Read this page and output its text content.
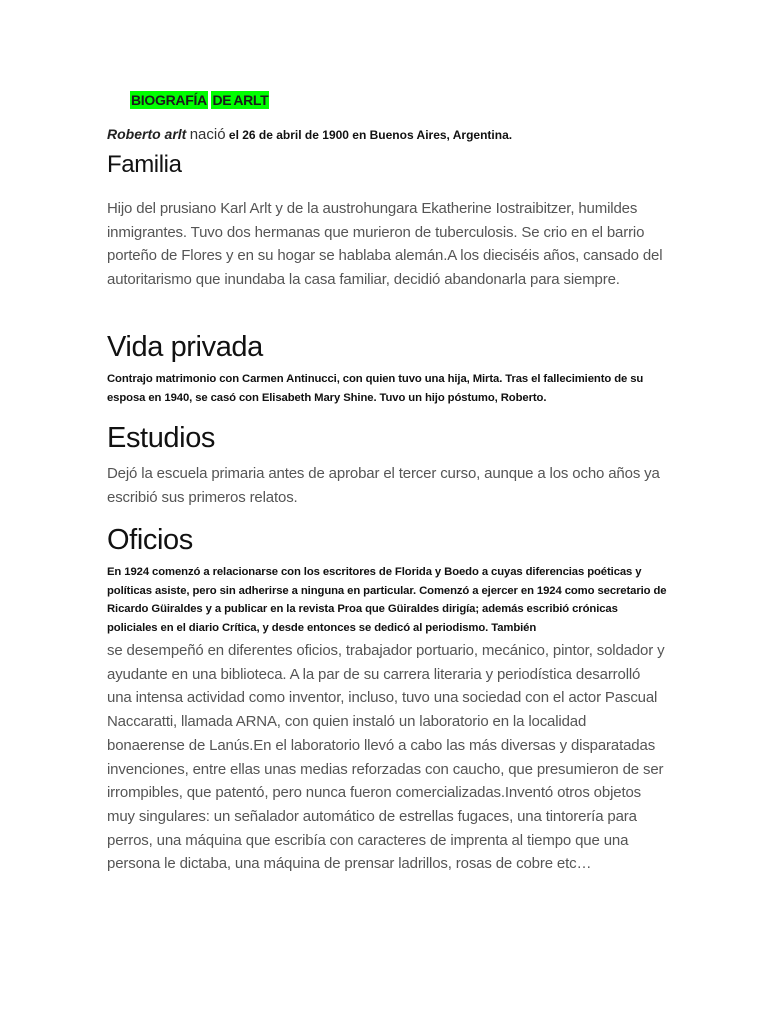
BIOGRAFÍA DE ARLT
Roberto arlt nació el 26 de abril de 1900 en Buenos Aires, Argentina.
Familia

Hijo del prusiano Karl Arlt y de la austrohungara Ekatherine Iostraibitzer, humildes inmigrantes. Tuvo dos hermanas que murieron de tuberculosis. Se crio en el barrio porteño de Flores y en su hogar se hablaba alemán.A los dieciséis años, cansado del autoritarismo que inundaba la casa familiar, decidió abandonarla para siempre.

Vida privada

Contrajo matrimonio con Carmen Antinucci, con quien tuvo una hija, Mirta. Tras el fallecimiento de su esposa en 1940, se casó con Elisabeth Mary Shine. Tuvo un hijo póstumo, Roberto.

Estudios

Dejó la escuela primaria antes de aprobar el tercer curso, aunque a los ocho años ya escribió sus primeros relatos.

Oficios

En 1924 comenzó a relacionarse con los escritores de Florida y Boedo a cuyas diferencias poéticas y políticas asiste, pero sin adherirse a ninguna en particular. Comenzó a ejercer en 1924 como secretario de Ricardo Güiraldes y a publicar en la revista Proa que Güiraldes dirigía; además escribió crónicas policiales en el diario Crítica, y desde entonces se dedicó al periodismo. También

se desempeñó en diferentes oficios, trabajador portuario, mecánico, pintor, soldador y ayudante en una biblioteca. A la par de su carrera literaria y periodística desarrolló una intensa actividad como inventor, incluso, tuvo una sociedad con el actor Pascual Naccaratti, llamada ARNA, con quien instaló un laboratorio en la localidad bonaerense de Lanús.En el laboratorio llevó a cabo las más diversas y disparatadas invenciones, entre ellas unas medias reforzadas con caucho, que presumieron de ser irrompibles, que patentó, pero nunca fueron comercializadas.Inventó otros objetos muy singulares: un señalador automático de estrellas fugaces, una tintorería para perros, una máquina que escribía con caracteres de imprenta al tiempo que una persona le dictaba, una máquina de prensar ladrillos, rosas de cobre etc…
